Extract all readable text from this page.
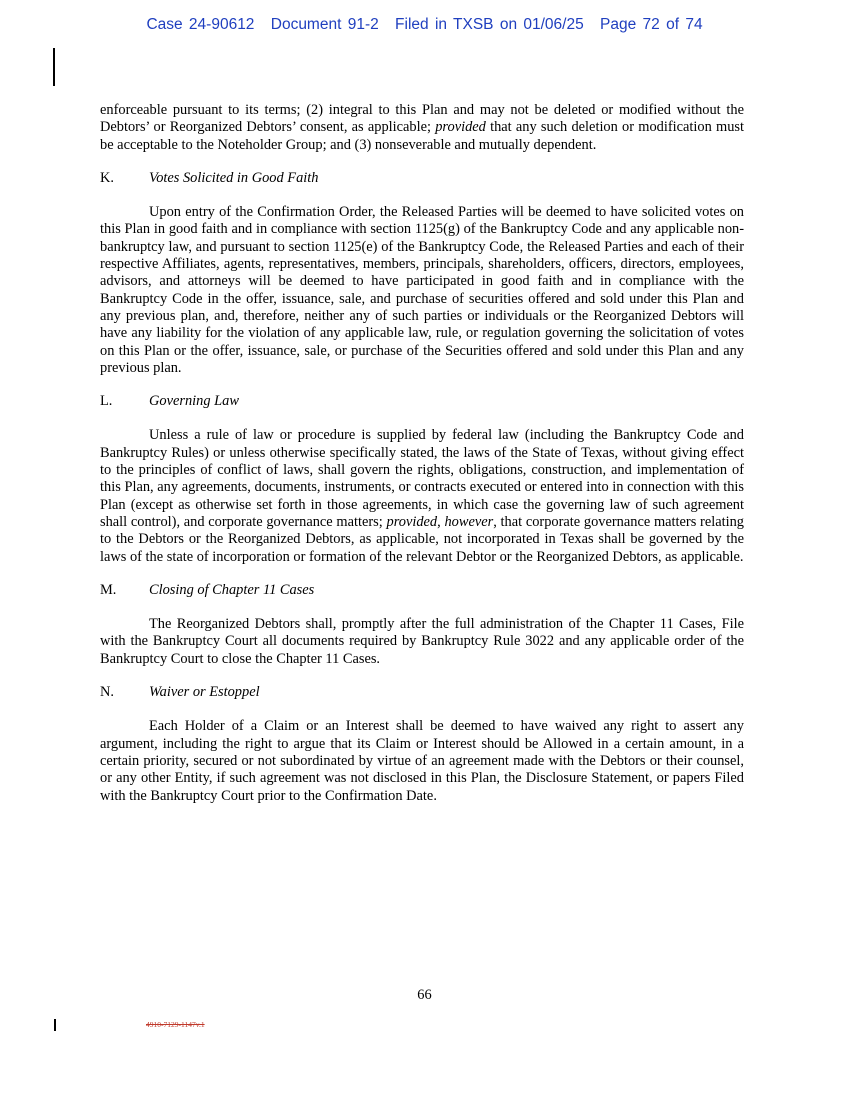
Case 24-90612 Document 91-2 Filed in TXSB on 01/06/25 Page 72 of 74

enforceable pursuant to its terms; (2) integral to this Plan and may not be deleted or modified without the Debtors’ or Reorganized Debtors’ consent, as applicable; provided that any such deletion or modification must be acceptable to the Noteholder Group; and (3) nonseverable and mutually dependent.

K. Votes Solicited in Good Faith

Upon entry of the Confirmation Order, the Released Parties will be deemed to have solicited votes on this Plan in good faith and in compliance with section 1125(g) of the Bankruptcy Code and any applicable non-bankruptcy law, and pursuant to section 1125(e) of the Bankruptcy Code, the Released Parties and each of their respective Affiliates, agents, representatives, members, principals, shareholders, officers, directors, employees, advisors, and attorneys will be deemed to have participated in good faith and in compliance with the Bankruptcy Code in the offer, issuance, sale, and purchase of securities offered and sold under this Plan and any previous plan, and, therefore, neither any of such parties or individuals or the Reorganized Debtors will have any liability for the violation of any applicable law, rule, or regulation governing the solicitation of votes on this Plan or the offer, issuance, sale, or purchase of the Securities offered and sold under this Plan and any previous plan.

L.	Governing Law

Unless a rule of law or procedure is supplied by federal law (including the Bankruptcy Code and Bankruptcy Rules) or unless otherwise specifically stated, the laws of the State of Texas, without giving effect to the principles of conflict of laws, shall govern the rights, obligations, construction, and implementation of this Plan, any agreements, documents, instruments, or contracts executed or entered into in connection with this Plan (except as otherwise set forth in those agreements, in which case the governing law of such agreement shall control), and corporate governance matters; provided, however, that corporate governance matters relating to the Debtors or the Reorganized Debtors, as applicable, not incorporated in Texas shall be governed by the laws of the state of incorporation or formation of the relevant Debtor or the Reorganized Debtors, as applicable.

M. Closing of Chapter 11 Cases

The Reorganized Debtors shall, promptly after the full administration of the Chapter 11 Cases, File with the Bankruptcy Court all documents required by Bankruptcy Rule 3022 and any applicable order of the Bankruptcy Court to close the Chapter 11 Cases.

N. Waiver or Estoppel

Each Holder of a Claim or an Interest shall be deemed to have waived any right to assert any argument, including the right to argue that its Claim or Interest should be Allowed in a certain amount, in a certain priority, secured or not subordinated by virtue of an agreement made with the Debtors or their counsel, or any other Entity, if such agreement was not disclosed in this Plan, the Disclosure Statement, or papers Filed with the Bankruptcy Court prior to the Confirmation Date.

66
4910-7129-1147v.1
